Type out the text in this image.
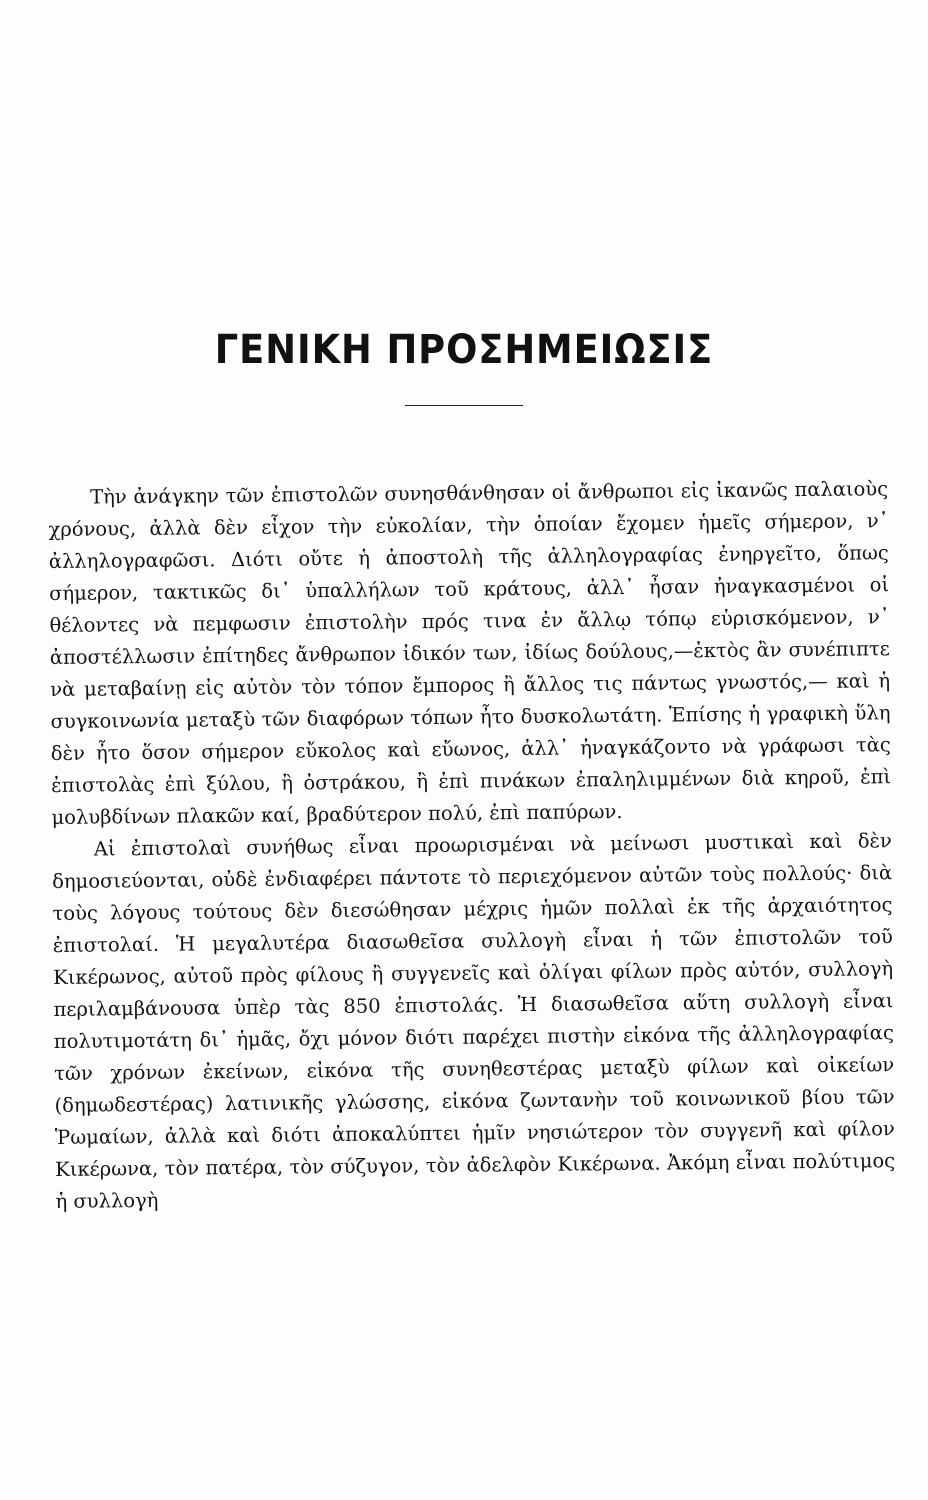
ΓΕΝΙΚΗ ΠΡΟΣΗΜΕΙΩΣΙΣ

Τὴν ἀνάγκην τῶν ἐπιστολῶν συνησθάνθησαν οἱ ἄνθρωποι εἰς ἱκανῶς παλαιοὺς χρόνους, ἀλλὰ δὲν εἶχον τὴν εὐκολίαν, τὴν ὁποίαν ἔχομεν ἡμεῖς σήμερον, ν᾽ ἀλληλογραφῶσι. Διότι οὔτε ἡ ἀποστολὴ τῆς ἀλληλογραφίας ἐνηργεῖτο, ὅπως σήμερον, τακτικῶς δι᾽ ὑπαλλήλων τοῦ κράτους, ἀλλ᾽ ἦσαν ἠναγκασμένοι οἱ θέλοντες νὰ πεμφωσιν ἐπιστολὴν πρός τινα ἐν ἄλλῳ τόπῳ εὑρισκόμενον, ν᾽ ἀποστέλλωσιν ἐπίτηδες ἄνθρωπον ἰδικόν των, ἰδίως δούλους,—ἐκτὸς ἂν συνέπιπτε νὰ μεταβαίνῃ εἰς αὐτὸν τὸν τόπον ἔμπορος ἢ ἄλλος τις πάντως γνωστός,— καὶ ἡ συγκοινωνία μεταξὺ τῶν διαφόρων τόπων ἦτο δυσκολωτάτη. Ἐπίσης ἡ γραφικὴ ὕλη δὲν ἦτο ὅσον σήμερον εὔκολος καὶ εὔωνος, ἀλλ᾽ ἠναγκάζοντο νὰ γράφωσι τὰς ἐπιστολὰς ἐπὶ ξύλου, ἢ ὀστράκου, ἢ ἐπὶ πινάκων ἐπαληλιμμένων διὰ κηροῦ, ἐπὶ μολυβδίνων πλακῶν καί, βραδύτερον πολύ, ἐπὶ παπύρων.

Αἱ ἐπιστολαὶ συνήθως εἶναι προωρισμέναι νὰ μείνωσι μυστικαὶ καὶ δὲν δημοσιεύονται, οὐδὲ ἐνδιαφέρει πάντοτε τὸ περιεχόμενον αὐτῶν τοὺς πολλούς· διὰ τοὺς λόγους τούτους δὲν διεσώθησαν μέχρις ἡμῶν πολλαὶ ἐκ τῆς ἀρχαιότητος ἐπιστολαί. Ἡ μεγαλυτέρα διασωθεῖσα συλλογὴ εἶναι ἡ τῶν ἐπιστολῶν τοῦ Κικέρωνος, αὐτοῦ πρὸς φίλους ἢ συγγενεῖς καὶ ὀλίγαι φίλων πρὸς αὐτόν, συλλογὴ περιλαμβάνουσα ὑπὲρ τὰς 850 ἐπιστολάς. Ἡ διασωθεῖσα αὕτη συλλογὴ εἶναι πολυτιμοτάτη δι᾽ ἡμᾶς, ὄχι μόνον διότι παρέχει πιστὴν εἰκόνα τῆς ἀλληλογραφίας τῶν χρόνων ἐκείνων, εἰκόνα τῆς συνηθεστέρας μεταξὺ φίλων καὶ οἰκείων (δημωδεστέρας) λατινικῆς γλώσσης, εἰκόνα ζωντανὴν τοῦ κοινωνικοῦ βίου τῶν Ῥωμαίων, ἀλλὰ καὶ διότι ἀποκαλύπτει ἡμῖν νησιώτερον τὸν συγγενῆ καὶ φίλον Κικέρωνα, τὸν πατέρα, τὸν σύζυγον, τὸν ἀδελφὸν Κικέρωνα. Ἀκόμη εἶναι πολύτιμος ἡ συλλογὴ
